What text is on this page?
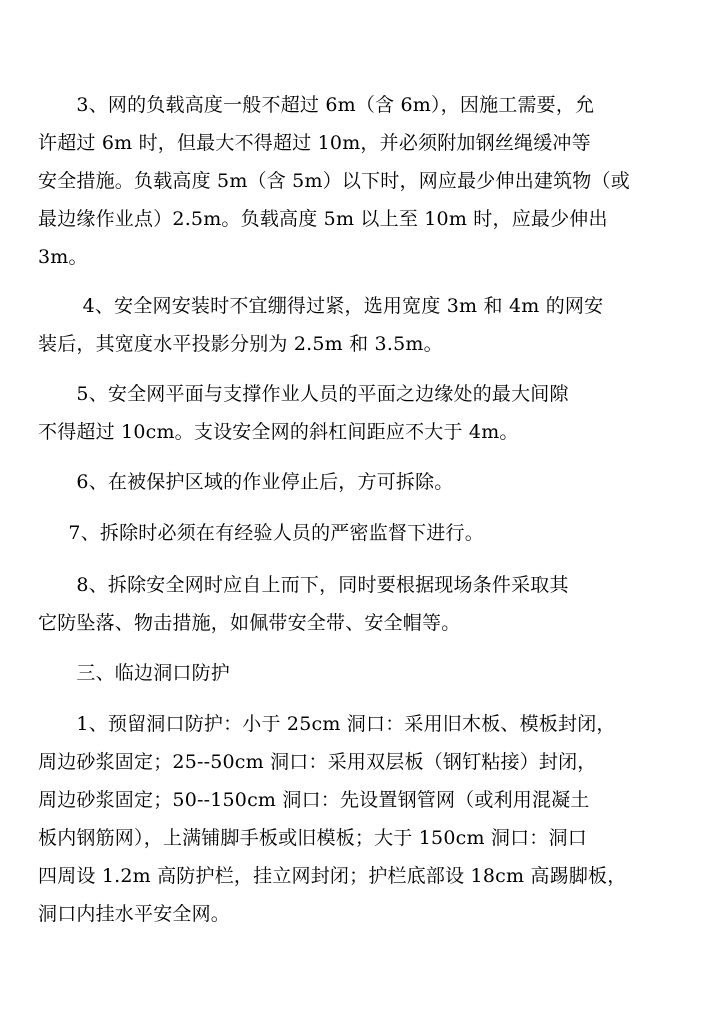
　　3、网的负载高度一般不超过 6m（含 6m），因施工需要，允
许超过 6m 时，但最大不得超过 10m，并必须附加钢丝绳缓冲等
安全措施。负载高度 5m（含 5m）以下时，网应最少伸出建筑物（或
最边缘作业点）2.5m。负载高度 5m 以上至 10m 时，应最少伸出
3m。
　　 4、安全网安装时不宜绷得过紧，选用宽度 3m 和 4m 的网安
装后，其宽度水平投影分别为 2.5m 和 3.5m。
　　5、安全网平面与支撑作业人员的平面之边缘处的最大间隙
不得超过 10cm。支设安全网的斜杠间距应不大于 4m。
　　6、在被保护区域的作业停止后，方可拆除。
　　7、拆除时必须在有经验人员的严密监督下进行。
　　8、拆除安全网时应自上而下，同时要根据现场条件采取其
它防坠落、物击措施，如佩带安全带、安全帽等。
　　三、临边洞口防护
　　1、预留洞口防护：小于 25cm 洞口：采用旧木板、模板封闭，
周边砂浆固定；25--50cm 洞口：采用双层板（钢钉粘接）封闭，
周边砂浆固定；50--150cm 洞口：先设置钢管网（或利用混凝土
板内钢筋网），上满铺脚手板或旧模板；大于 150cm 洞口：洞口
四周设 1.2m 高防护栏，挂立网封闭；护栏底部设 18cm 高踢脚板，
洞口内挂水平安全网。
